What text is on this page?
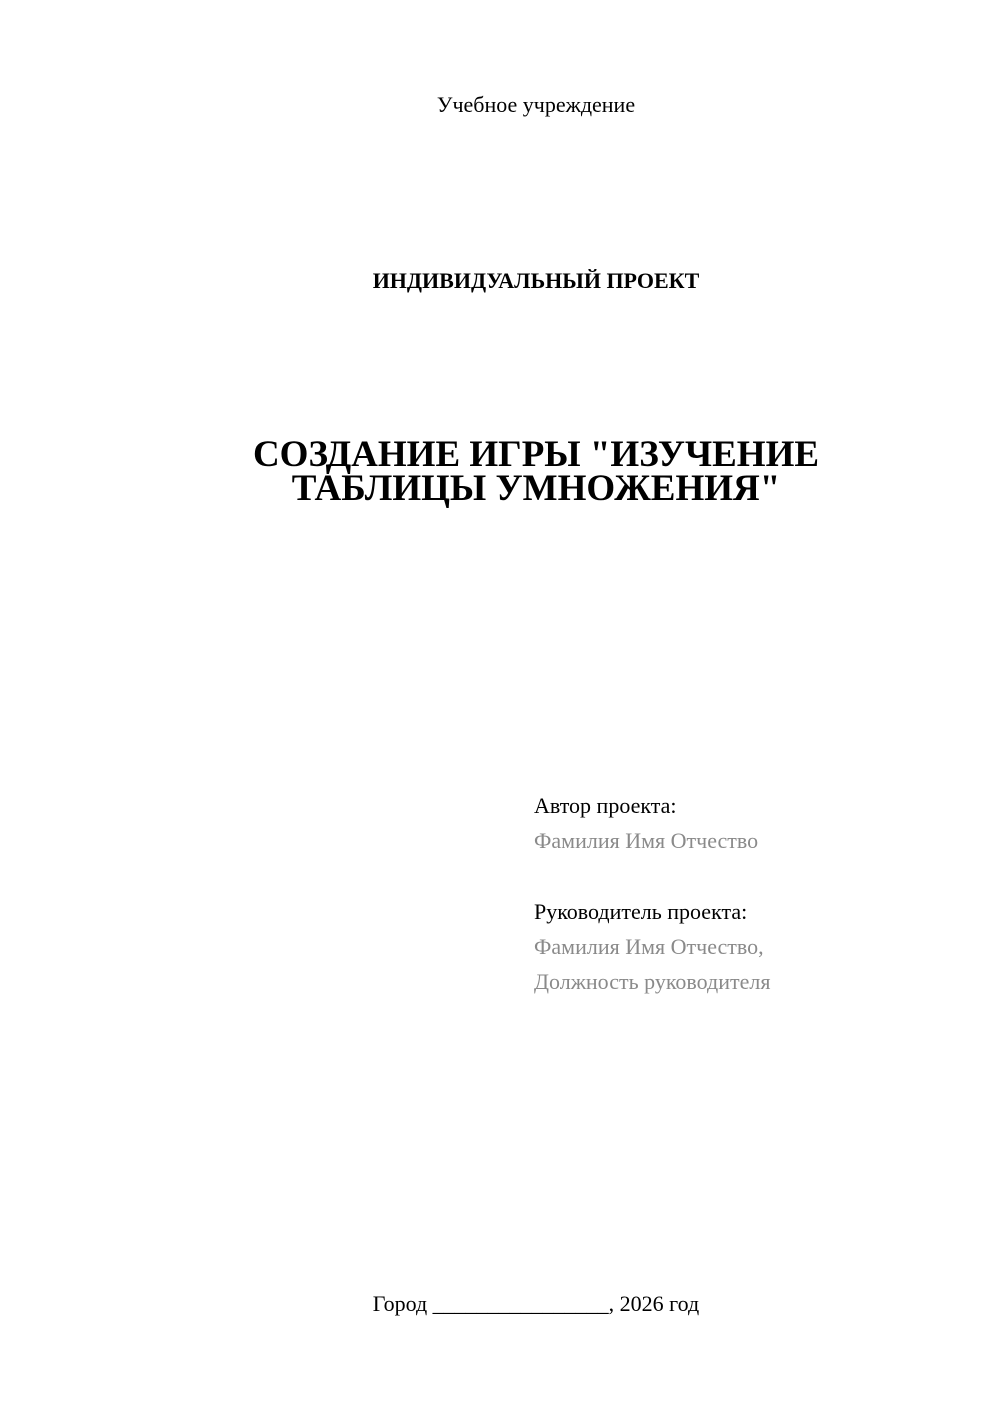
Учебное учреждение
ИНДИВИДУАЛЬНЫЙ ПРОЕКТ
СОЗДАНИЕ ИГРЫ "ИЗУЧЕНИЕ
ТАБЛИЦЫ УМНОЖЕНИЯ"
Автор проекта:
Фамилия Имя Отчество
Руководитель проекта:
Фамилия Имя Отчество,
Должность руководителя
Город ________________, 2026 год
